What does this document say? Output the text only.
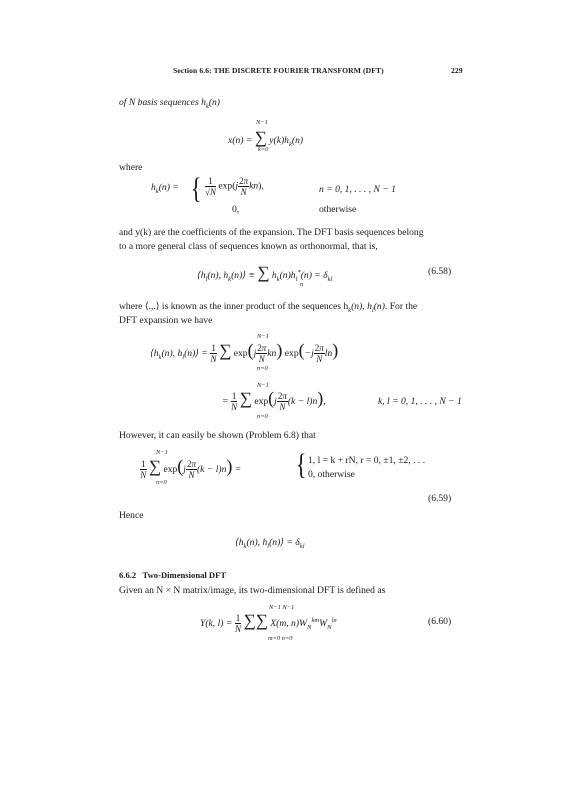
Section 6.6: THE DISCRETE FOURIER TRANSFORM (DFT)	229
of N basis sequences $h_k(n)$
N−1
x(n) = ∑ $y(k)h_k(n)$
k=0
where
$h_k(n)$ = { $\frac{1}{√N} \exp(j \frac{2\pi}{N} kn)$,	n = 0, 1, . . . , N − 1
0,	otherwise
and y(k) are the coefficients of the expansion. The DFT basis sequences belong
to a more general class of sequences known as orthonormal, that is,
$⟨h_l(n)$, $h_k(n)⟩$ ≡ ∑ $h_k(n)h_l^*(n) = \delta_{kl}$
n
(6.58)
where ⟨.,.⟩ is known as the inner product of the sequences $h_k(n)$, $h_l(n)$. For the
DFT expansion we have
N−1
$⟨h_k(n)$, $h_l(n)⟩ = \frac{1}{N}$ ∑ $\exp(j \frac{2\pi}{N} kn)$ $\exp(-j \frac{2\pi}{N} \ln)$
n=0
N−1
= $\frac{1}{N}$ ∑ $\exp(j \frac{2\pi}{N} (k - l)n)$,	k, l = 0, 1, . . . , N − 1
n=0
However, it can easily be shown (Problem 6.8) that
N−1
$\frac{1}{N}$ ∑ $\exp(j \frac{2\pi}{N} (k - l)n)$ = { 1, l = k + rN, r = 0, ±1, ±2, . . .
0, otherwise
n=0
(6.59)
Hence
$⟨h_k(n)$, $h_l(n)⟩ = \delta_{kl}$
6.6.2 Two-Dimensional DFT
Given an N × N matrix/image, its two-dimensional DFT is defined as
N−1 N−1
Y(k, $l) = \frac{1}{N}$ ∑∑ X(m, $n)W_N^{km}W_N^{ln}$
m=0 n=0
(6.60)
